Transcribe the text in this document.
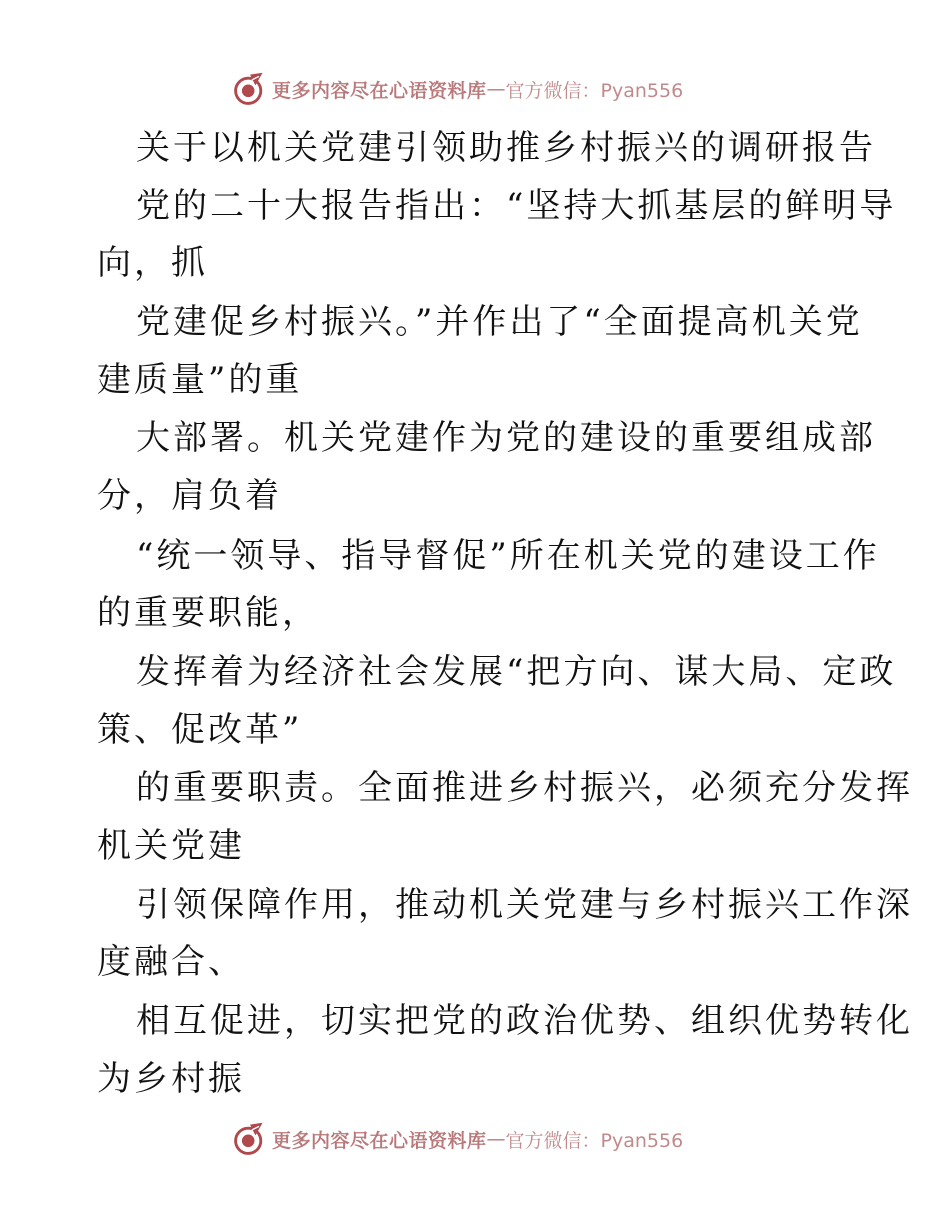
更多内容尽在心语资料库 — 官方微信：Pyan556
关于以机关党建引领助推乡村振兴的调研报告
党的二十大报告指出：“坚持大抓基层的鲜明导
向，抓
党建促乡村振兴。”并作出了“全面提高机关党
建质量”的重
大部署。机关党建作为党的建设的重要组成部
分，肩负着
“统一领导、指导督促”所在机关党的建设工作
的重要职能，
发挥着为经济社会发展“把方向、谋大局、定政
策、促改革”
的重要职责。全面推进乡村振兴，必须充分发挥
机关党建
引领保障作用，推动机关党建与乡村振兴工作深
度融合、
相互促进，切实把党的政治优势、组织优势转化
为乡村振
更多内容尽在心语资料库 — 官方微信：Pyan556
